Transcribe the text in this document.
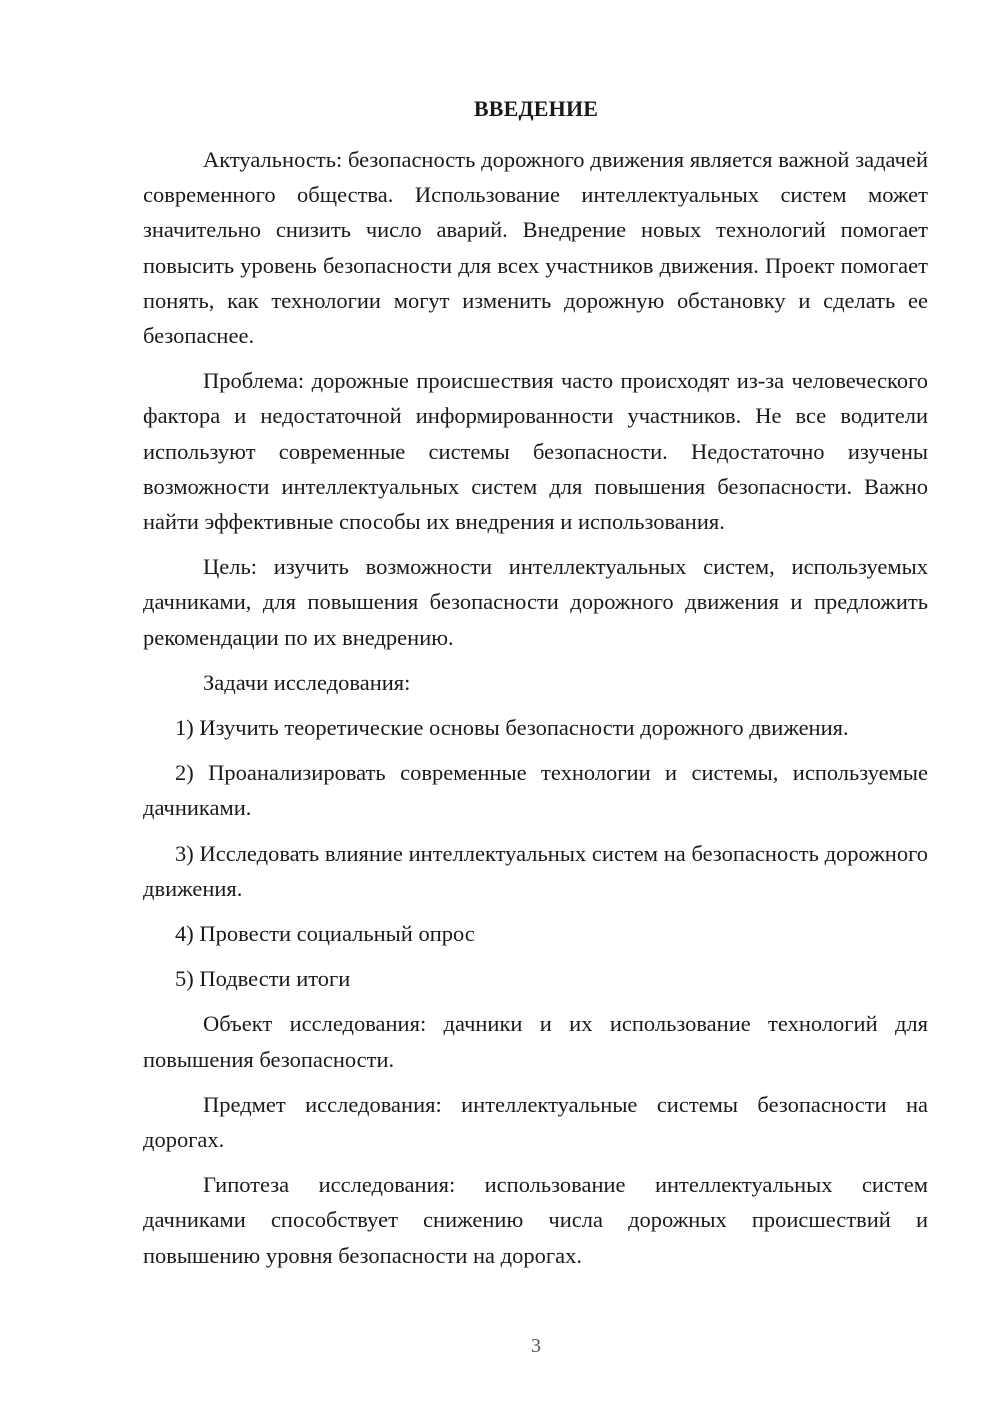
ВВЕДЕНИЕ

Актуальность: безопасность дорожного движения является важной задачей современного общества. Использование интеллектуальных систем может значительно снизить число аварий. Внедрение новых технологий помогает повысить уровень безопасности для всех участников движения. Проект помогает понять, как технологии могут изменить дорожную обстановку и сделать ее безопаснее.

Проблема: дорожные происшествия часто происходят из-за человеческого фактора и недостаточной информированности участников. Не все водители используют современные системы безопасности. Недостаточно изучены возможности интеллектуальных систем для повышения безопасности. Важно найти эффективные способы их внедрения и использования.

Цель: изучить возможности интеллектуальных систем, используемых дачниками, для повышения безопасности дорожного движения и предложить рекомендации по их внедрению.

Задачи исследования:

1) Изучить теоретические основы безопасности дорожного движения.

2) Проанализировать современные технологии и системы, используемые дачниками.

3) Исследовать влияние интеллектуальных систем на безопасность дорожного движения.

4) Провести социальный опрос

5) Подвести итоги

Объект исследования: дачники и их использование технологий для повышения безопасности.

Предмет исследования: интеллектуальные системы безопасности на дорогах.

Гипотеза исследования: использование интеллектуальных систем дачниками способствует снижению числа дорожных происшествий и повышению уровня безопасности на дорогах.

3
